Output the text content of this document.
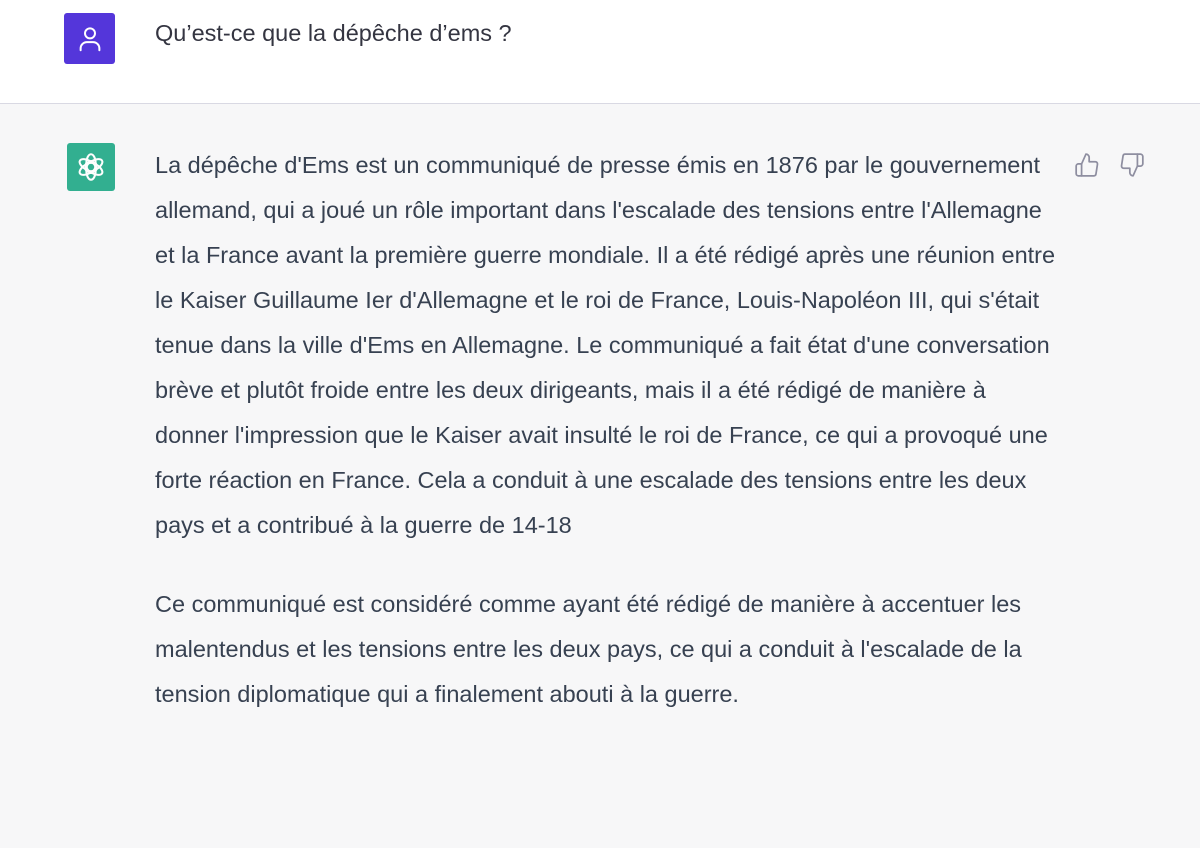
Qu’est-ce que la dépêche d’ems ?

La dépêche d'Ems est un communiqué de presse émis en 1876 par le gouvernement allemand, qui a joué un rôle important dans l'escalade des tensions entre l'Allemagne et la France avant la première guerre mondiale. Il a été rédigé après une réunion entre le Kaiser Guillaume Ier d'Allemagne et le roi de France, Louis-Napoléon III, qui s'était tenue dans la ville d'Ems en Allemagne. Le communiqué a fait état d'une conversation brève et plutôt froide entre les deux dirigeants, mais il a été rédigé de manière à donner l'impression que le Kaiser avait insulté le roi de France, ce qui a provoqué une forte réaction en France. Cela a conduit à une escalade des tensions entre les deux pays et a contribué à la guerre de 14-18

Ce communiqué est considéré comme ayant été rédigé de manière à accentuer les malentendus et les tensions entre les deux pays, ce qui a conduit à l'escalade de la tension diplomatique qui a finalement abouti à la guerre.
